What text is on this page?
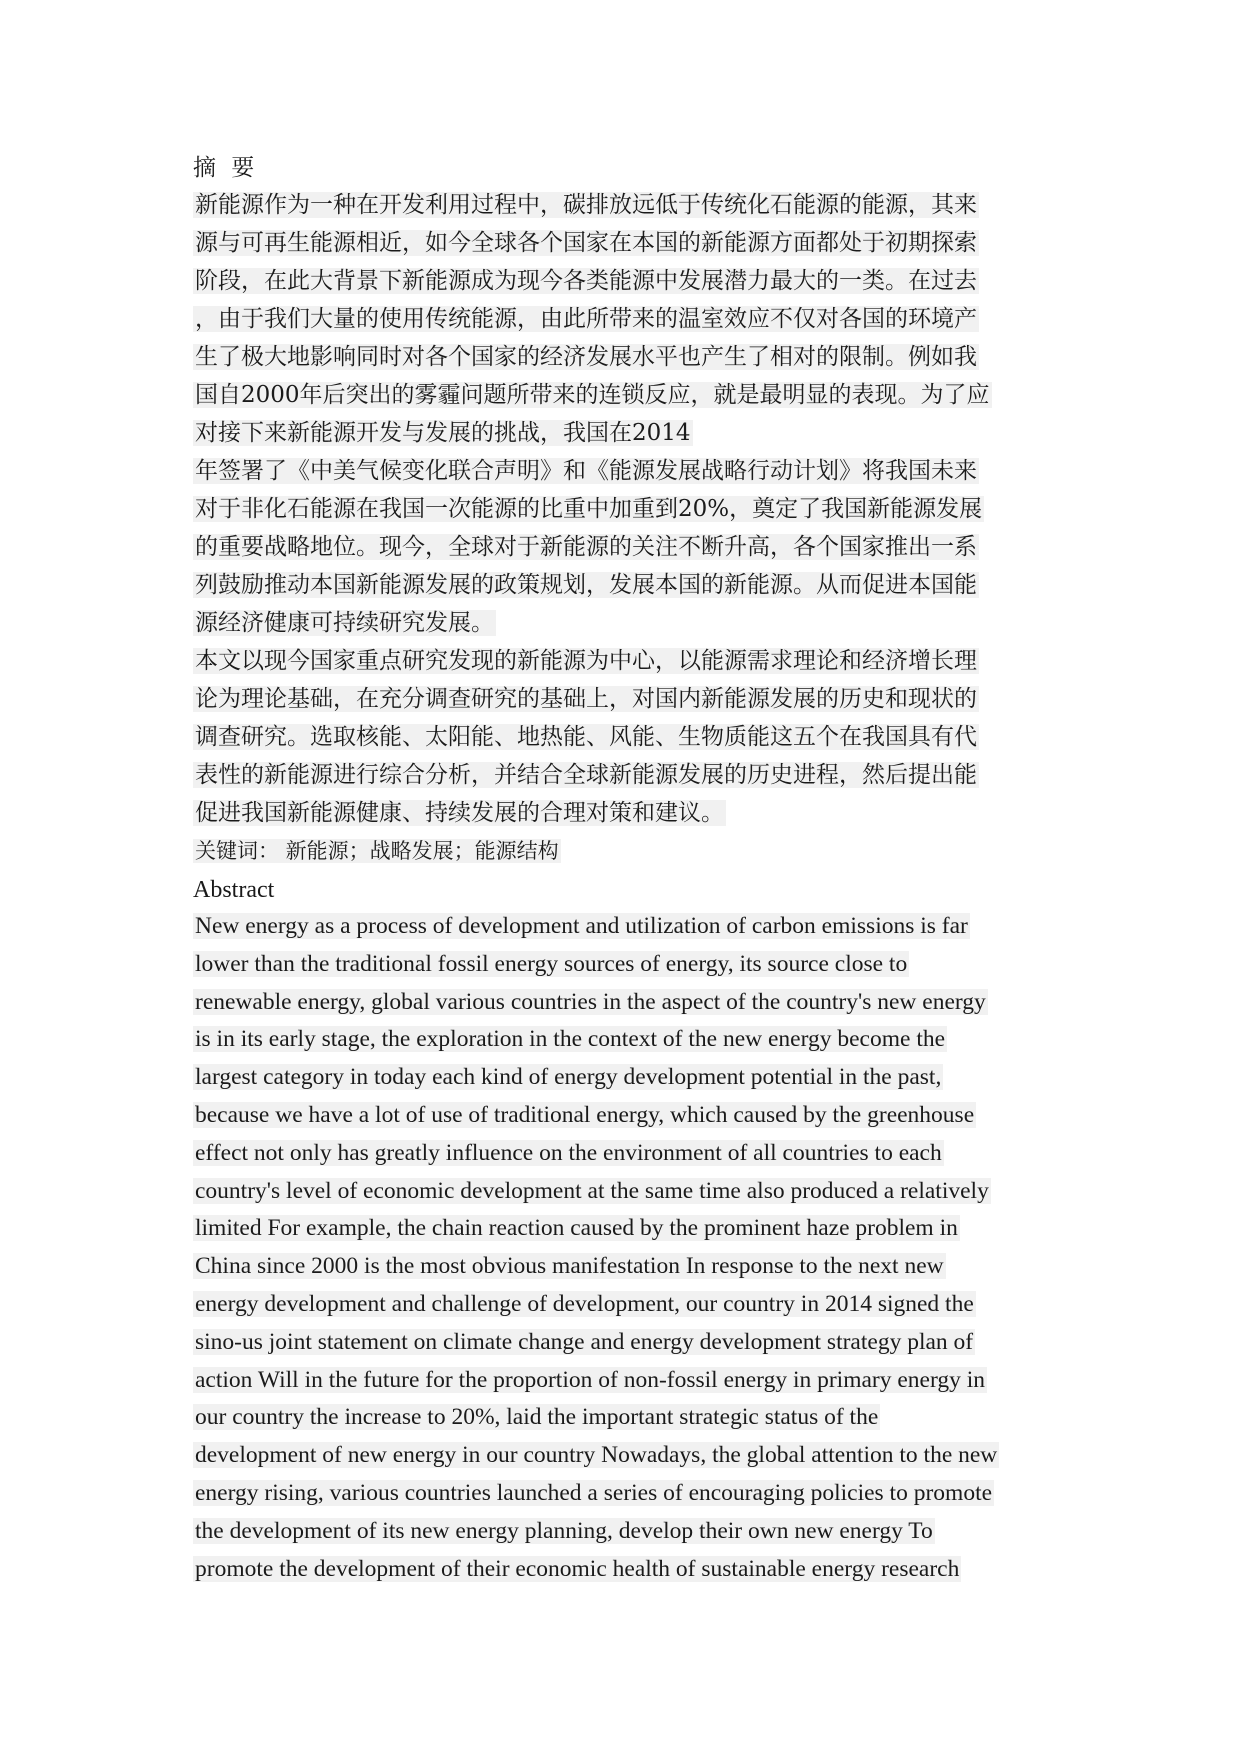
摘 要
新能源作为一种在开发利用过程中，碳排放远低于传统化石能源的能源，其来
源与可再生能源相近，如今全球各个国家在本国的新能源方面都处于初期探索
阶段，在此大背景下新能源成为现今各类能源中发展潜力最大的一类。在过去
，由于我们大量的使用传统能源，由此所带来的温室效应不仅对各国的环境产
生了极大地影响同时对各个国家的经济发展水平也产生了相对的限制。例如我
国自2000年后突出的雾霾问题所带来的连锁反应，就是最明显的表现。为了应
对接下来新能源开发与发展的挑战，我国在2014
年签署了《中美气候变化联合声明》和《能源发展战略行动计划》将我国未来
对于非化石能源在我国一次能源的比重中加重到20%，奠定了我国新能源发展
的重要战略地位。现今，全球对于新能源的关注不断升高，各个国家推出一系
列鼓励推动本国新能源发展的政策规划，发展本国的新能源。从而促进本国能
源经济健康可持续研究发展。
本文以现今国家重点研究发现的新能源为中心，以能源需求理论和经济增长理
论为理论基础，在充分调查研究的基础上，对国内新能源发展的历史和现状的
调查研究。选取核能、太阳能、地热能、风能、生物质能这五个在我国具有代
表性的新能源进行综合分析，并结合全球新能源发展的历史进程，然后提出能
促进我国新能源健康、持续发展的合理对策和建议。
关键词： 新能源；战略发展；能源结构
Abstract
New energy as a process of development and utilization of carbon emissions is far
lower than the traditional fossil energy sources of energy, its source close to
renewable energy, global various countries in the aspect of the country's new energy
is in its early stage, the exploration in the context of the new energy become the
largest category in today each kind of energy development potential in the past,
because we have a lot of use of traditional energy, which caused by the greenhouse
effect not only has greatly influence on the environment of all countries to each
country's level of economic development at the same time also produced a relatively
limited For example, the chain reaction caused by the prominent haze problem in
China since 2000 is the most obvious manifestation In response to the next new
energy development and challenge of development, our country in 2014 signed the
sino-us joint statement on climate change and energy development strategy plan of
action Will in the future for the proportion of non-fossil energy in primary energy in
our country the increase to 20%, laid the important strategic status of the
development of new energy in our country Nowadays, the global attention to the new
energy rising, various countries launched a series of encouraging policies to promote
the development of its new energy planning, develop their own new energy To
promote the development of their economic health of sustainable energy research
